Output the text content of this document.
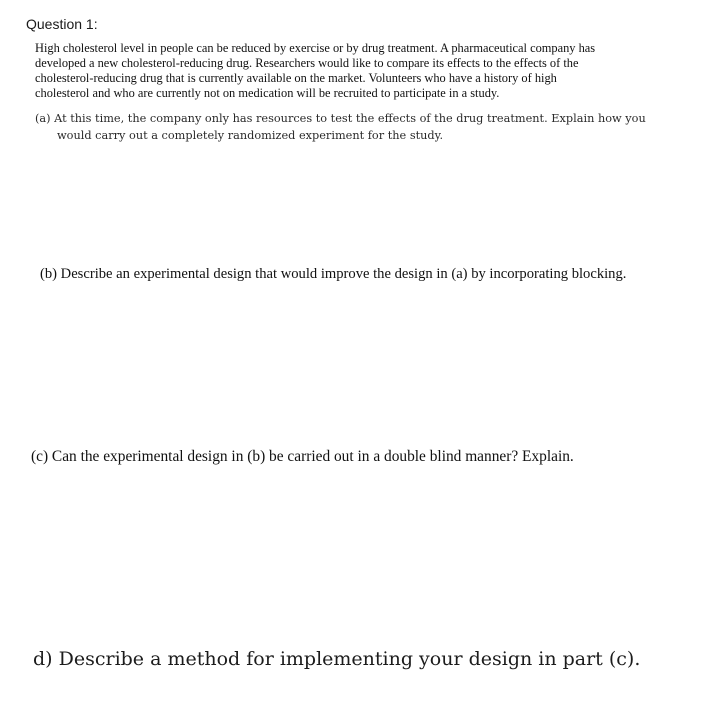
Question 1:
High cholesterol level in people can be reduced by exercise or by drug treatment. A pharmaceutical company has
developed a new cholesterol-reducing drug. Researchers would like to compare its effects to the effects of the
cholesterol-reducing drug that is currently available on the market. Volunteers who have a history of high
cholesterol and who are currently not on medication will be recruited to participate in a study.
(a) At this time, the company only has resources to test the effects of the drug treatment. Explain how you
would carry out a completely randomized experiment for the study.
(b) Describe an experimental design that would improve the design in (a) by incorporating blocking.
(c) Can the experimental design in (b) be carried out in a double blind manner? Explain.
d) Describe a method for implementing your design in part (c).
